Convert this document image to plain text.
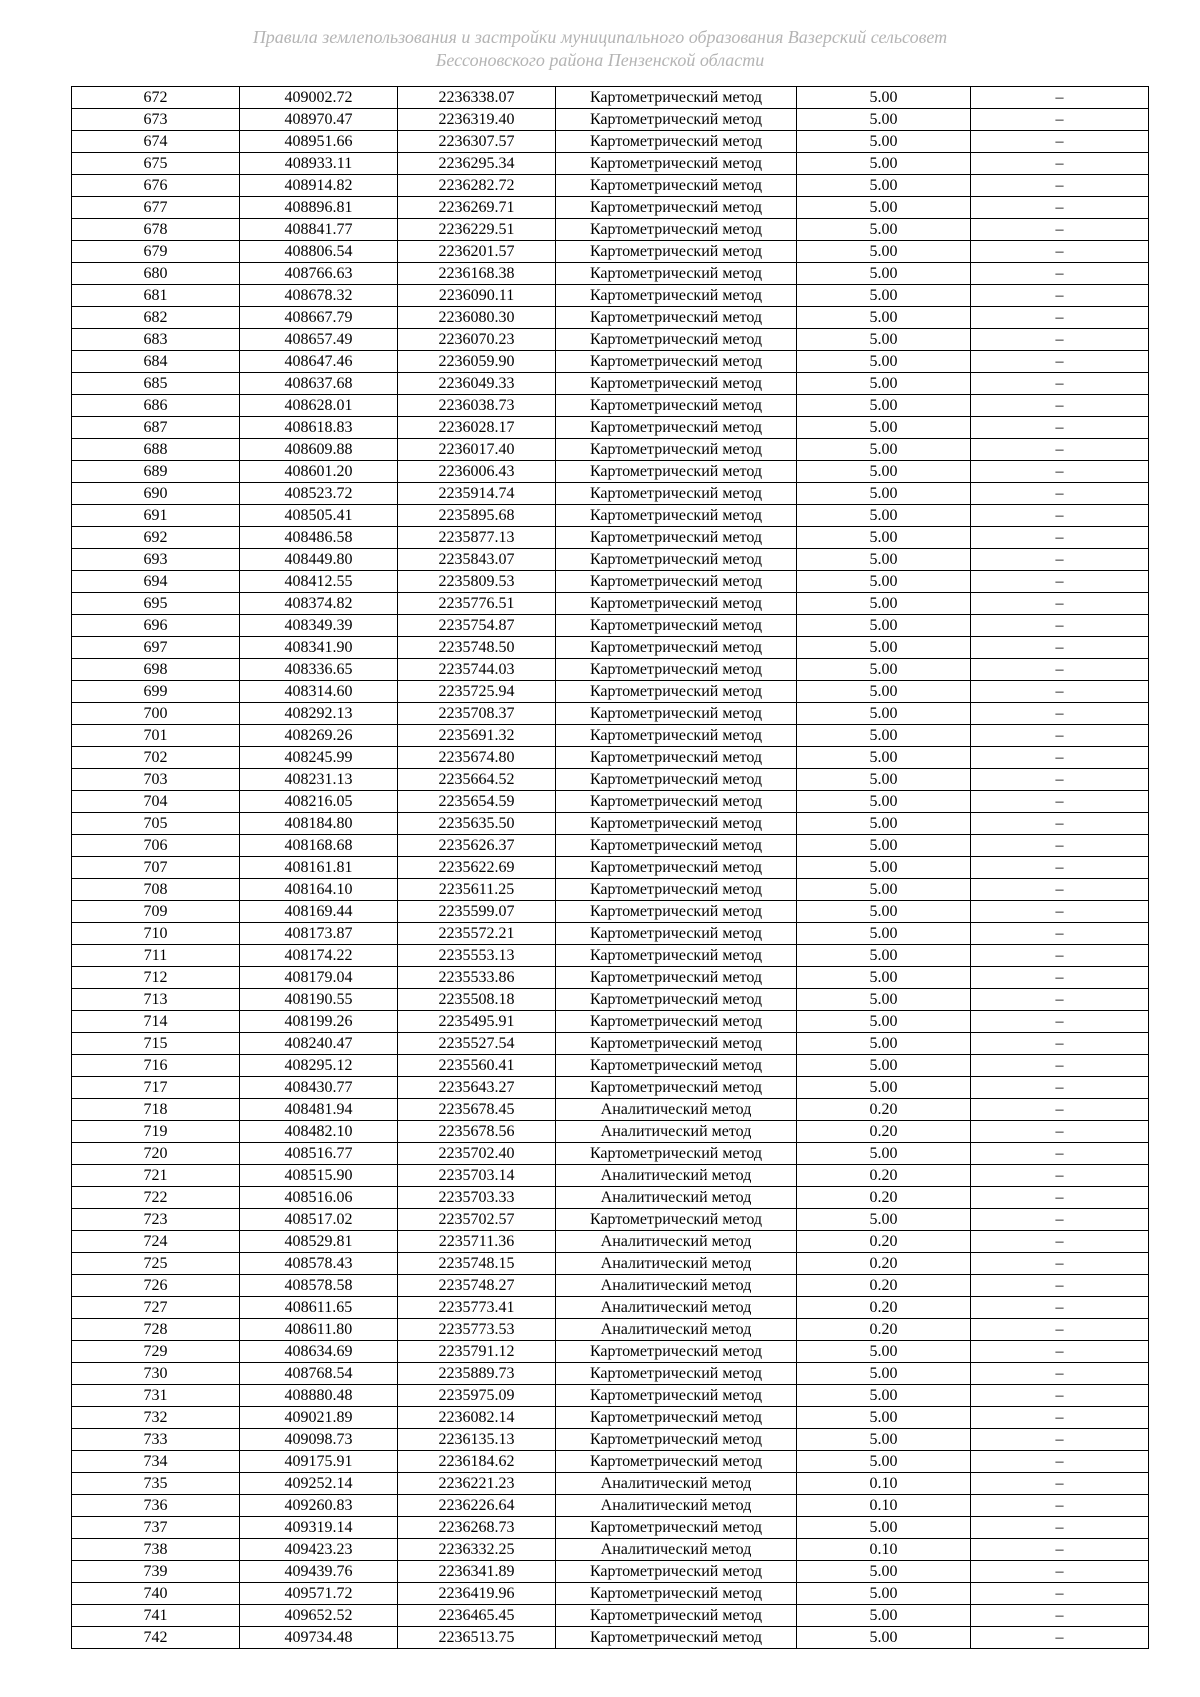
Правила землепользования и застройки муниципального образования Вазерский сельсовет
Бессоновского района Пензенской области
672	409002.72	2236338.07	Картометрический метод	5.00	–
673	408970.47	2236319.40	Картометрический метод	5.00	–
674	408951.66	2236307.57	Картометрический метод	5.00	–
675	408933.11	2236295.34	Картометрический метод	5.00	–
676	408914.82	2236282.72	Картометрический метод	5.00	–
677	408896.81	2236269.71	Картометрический метод	5.00	–
678	408841.77	2236229.51	Картометрический метод	5.00	–
679	408806.54	2236201.57	Картометрический метод	5.00	–
680	408766.63	2236168.38	Картометрический метод	5.00	–
681	408678.32	2236090.11	Картометрический метод	5.00	–
682	408667.79	2236080.30	Картометрический метод	5.00	–
683	408657.49	2236070.23	Картометрический метод	5.00	–
684	408647.46	2236059.90	Картометрический метод	5.00	–
685	408637.68	2236049.33	Картометрический метод	5.00	–
686	408628.01	2236038.73	Картометрический метод	5.00	–
687	408618.83	2236028.17	Картометрический метод	5.00	–
688	408609.88	2236017.40	Картометрический метод	5.00	–
689	408601.20	2236006.43	Картометрический метод	5.00	–
690	408523.72	2235914.74	Картометрический метод	5.00	–
691	408505.41	2235895.68	Картометрический метод	5.00	–
692	408486.58	2235877.13	Картометрический метод	5.00	–
693	408449.80	2235843.07	Картометрический метод	5.00	–
694	408412.55	2235809.53	Картометрический метод	5.00	–
695	408374.82	2235776.51	Картометрический метод	5.00	–
696	408349.39	2235754.87	Картометрический метод	5.00	–
697	408341.90	2235748.50	Картометрический метод	5.00	–
698	408336.65	2235744.03	Картометрический метод	5.00	–
699	408314.60	2235725.94	Картометрический метод	5.00	–
700	408292.13	2235708.37	Картометрический метод	5.00	–
701	408269.26	2235691.32	Картометрический метод	5.00	–
702	408245.99	2235674.80	Картометрический метод	5.00	–
703	408231.13	2235664.52	Картометрический метод	5.00	–
704	408216.05	2235654.59	Картометрический метод	5.00	–
705	408184.80	2235635.50	Картометрический метод	5.00	–
706	408168.68	2235626.37	Картометрический метод	5.00	–
707	408161.81	2235622.69	Картометрический метод	5.00	–
708	408164.10	2235611.25	Картометрический метод	5.00	–
709	408169.44	2235599.07	Картометрический метод	5.00	–
710	408173.87	2235572.21	Картометрический метод	5.00	–
711	408174.22	2235553.13	Картометрический метод	5.00	–
712	408179.04	2235533.86	Картометрический метод	5.00	–
713	408190.55	2235508.18	Картометрический метод	5.00	–
714	408199.26	2235495.91	Картометрический метод	5.00	–
715	408240.47	2235527.54	Картометрический метод	5.00	–
716	408295.12	2235560.41	Картометрический метод	5.00	–
717	408430.77	2235643.27	Картометрический метод	5.00	–
718	408481.94	2235678.45	Аналитический метод	0.20	–
719	408482.10	2235678.56	Аналитический метод	0.20	–
720	408516.77	2235702.40	Картометрический метод	5.00	–
721	408515.90	2235703.14	Аналитический метод	0.20	–
722	408516.06	2235703.33	Аналитический метод	0.20	–
723	408517.02	2235702.57	Картометрический метод	5.00	–
724	408529.81	2235711.36	Аналитический метод	0.20	–
725	408578.43	2235748.15	Аналитический метод	0.20	–
726	408578.58	2235748.27	Аналитический метод	0.20	–
727	408611.65	2235773.41	Аналитический метод	0.20	–
728	408611.80	2235773.53	Аналитический метод	0.20	–
729	408634.69	2235791.12	Картометрический метод	5.00	–
730	408768.54	2235889.73	Картометрический метод	5.00	–
731	408880.48	2235975.09	Картометрический метод	5.00	–
732	409021.89	2236082.14	Картометрический метод	5.00	–
733	409098.73	2236135.13	Картометрический метод	5.00	–
734	409175.91	2236184.62	Картометрический метод	5.00	–
735	409252.14	2236221.23	Аналитический метод	0.10	–
736	409260.83	2236226.64	Аналитический метод	0.10	–
737	409319.14	2236268.73	Картометрический метод	5.00	–
738	409423.23	2236332.25	Аналитический метод	0.10	–
739	409439.76	2236341.89	Картометрический метод	5.00	–
740	409571.72	2236419.96	Картометрический метод	5.00	–
741	409652.52	2236465.45	Картометрический метод	5.00	–
742	409734.48	2236513.75	Картометрический метод	5.00	–
